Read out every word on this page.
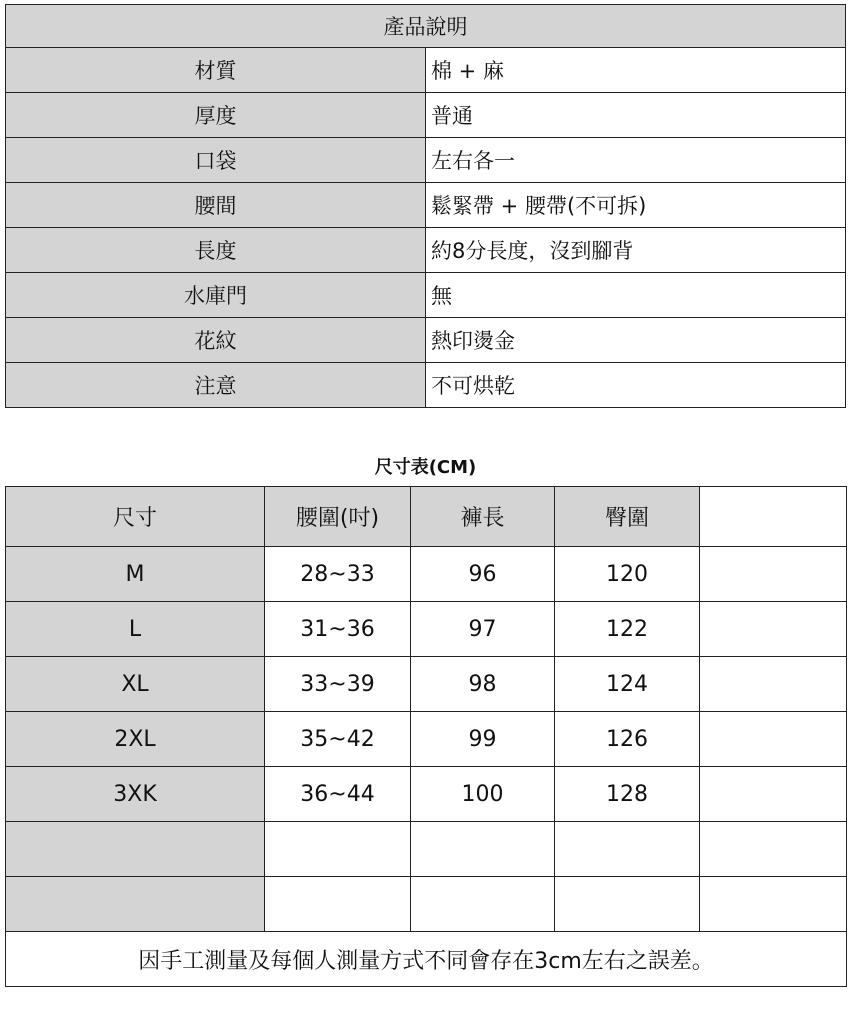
產品說明	
材質	棉 + 麻
厚度	普通
口袋	左右各一
腰間	鬆緊帶 + 腰帶(不可拆)
長度	約8分長度，沒到腳背
水庫門	無
花紋	熱印燙金
注意	不可烘乾
尺寸表(CM)
尺寸	腰圍(吋)	褲長	臀圍	
M	28~33	96	120	
L	31~36	97	122	
XL	33~39	98	124	
2XL	35~42	99	126	
3XK	36~44	100	128	

因手工測量及每個人測量方式不同會存在3cm左右之誤差。				
